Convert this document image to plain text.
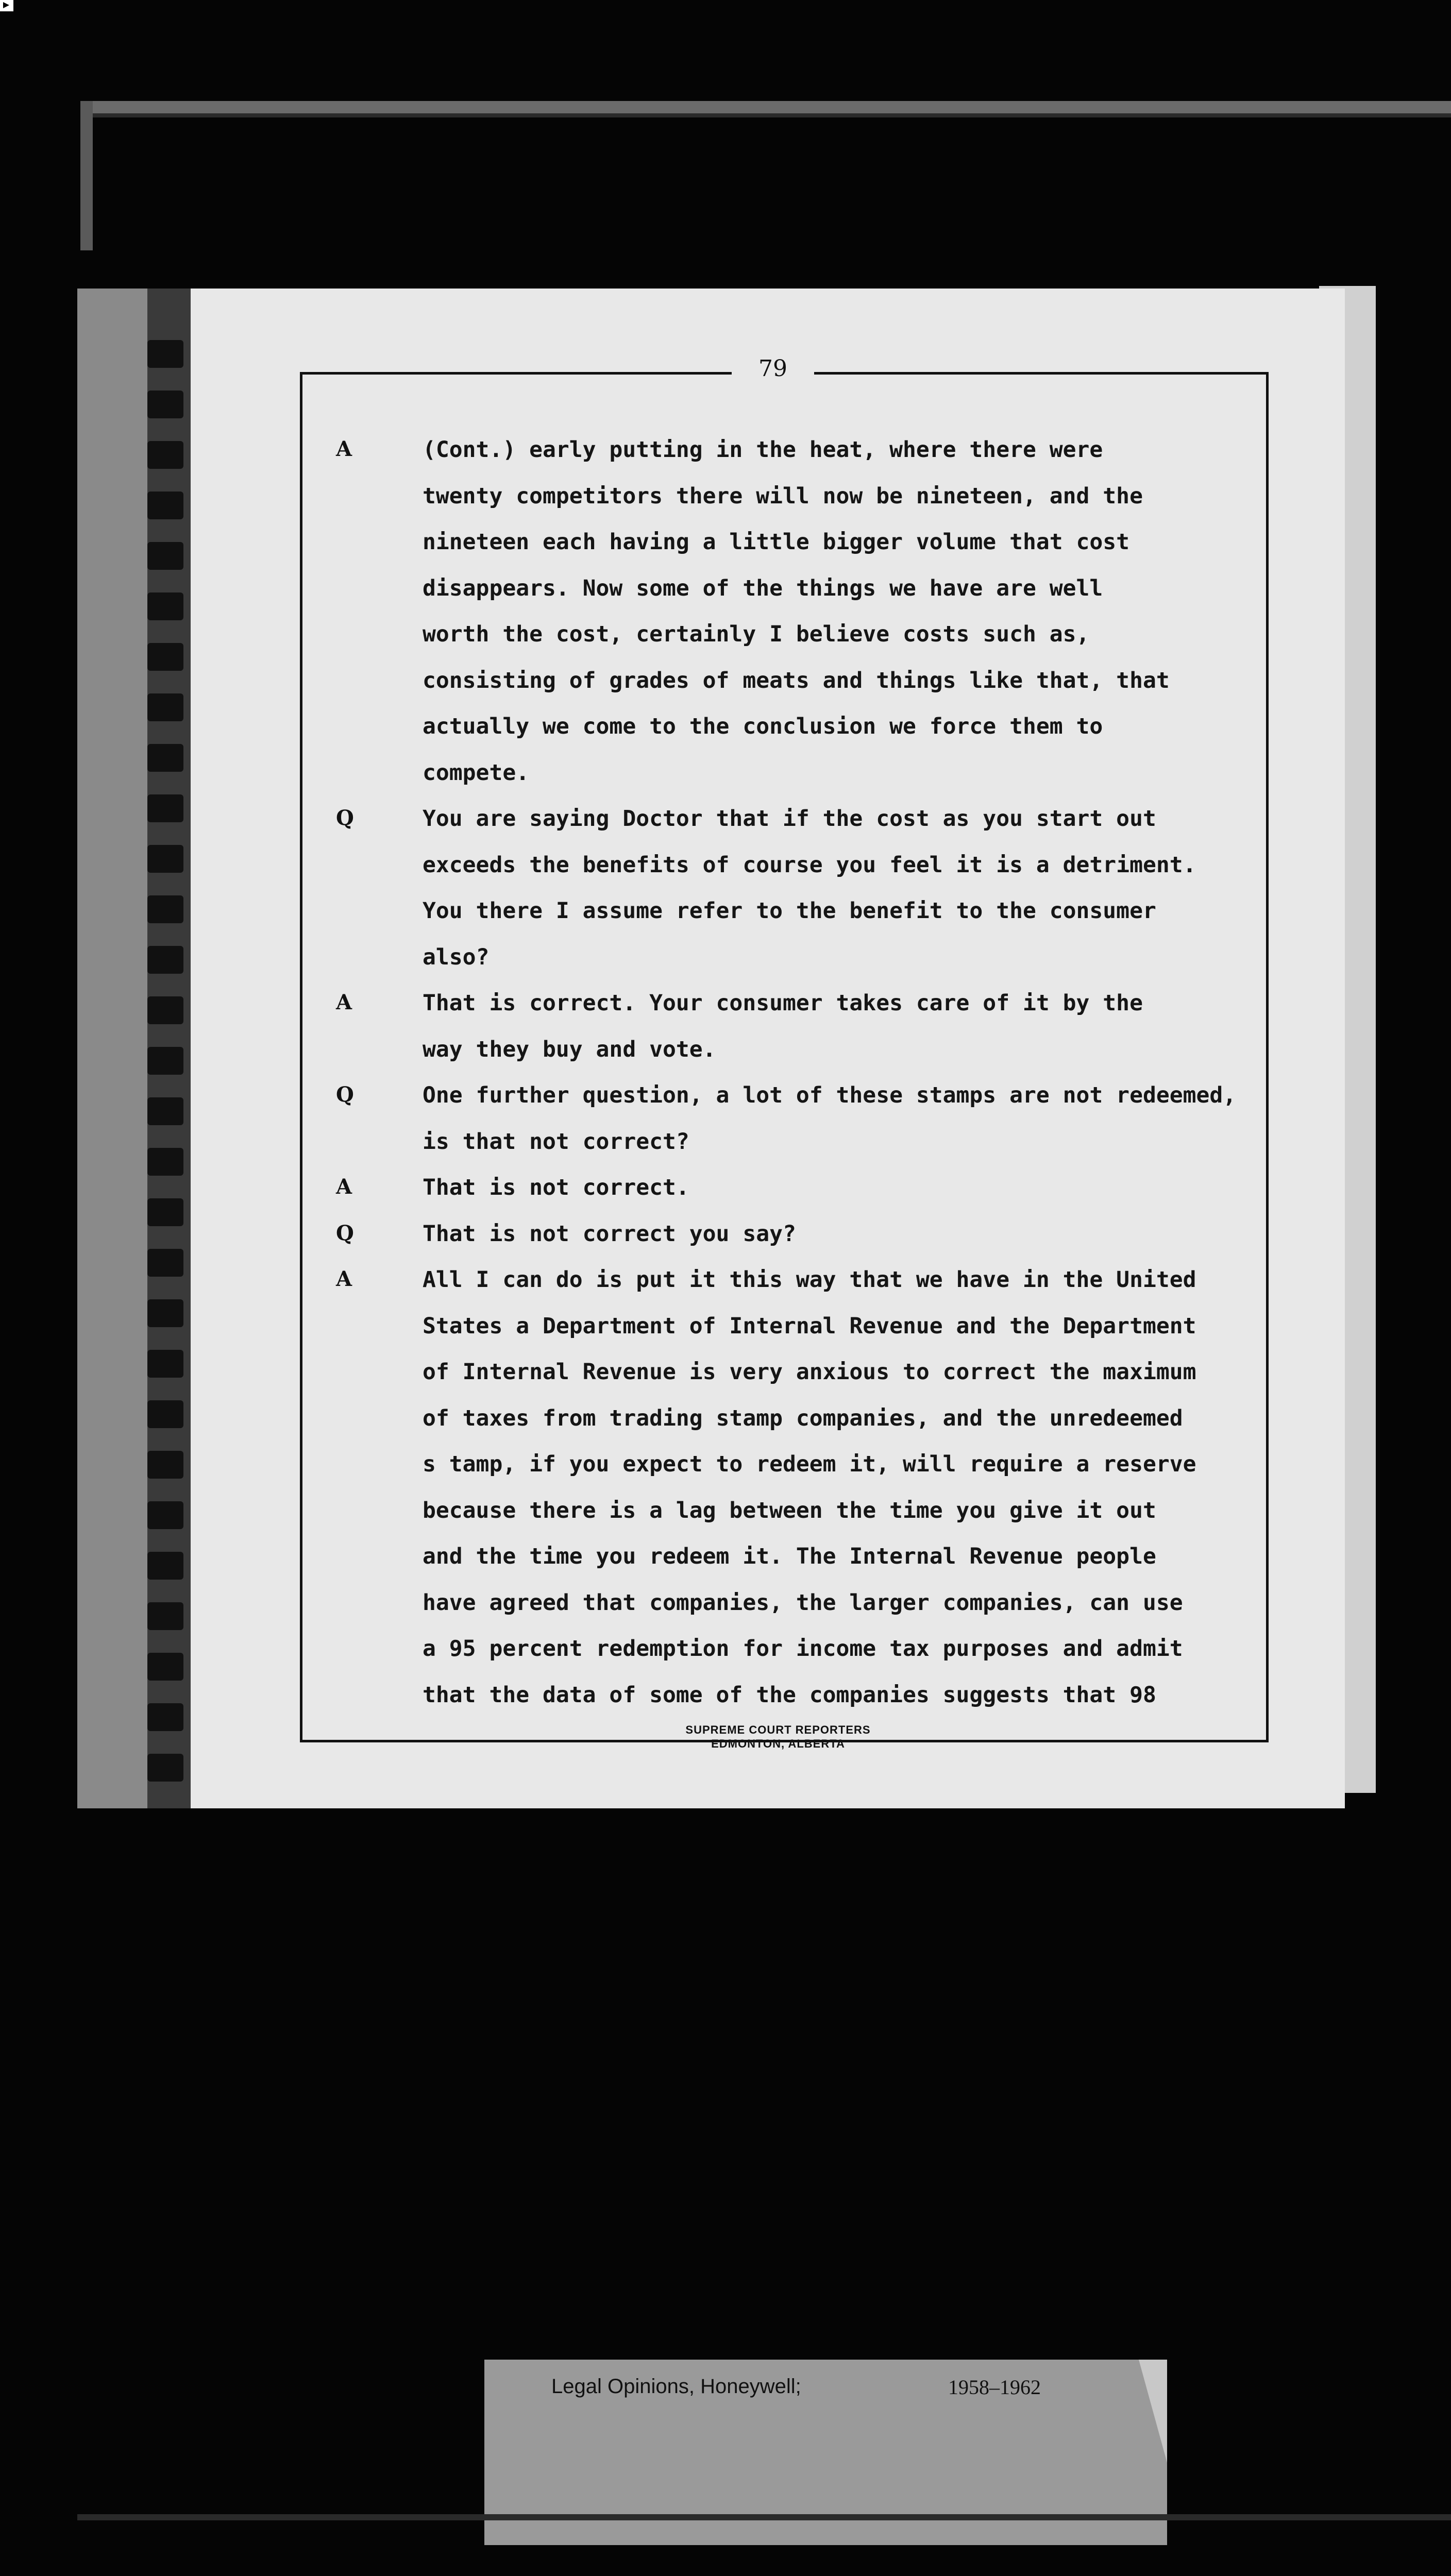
79
A	(Cont.) early putting in the heat, where there were
twenty competitors there will now be nineteen, and the
nineteen each having a little bigger volume that cost
disappears. Now some of the things we have are well
worth the cost, certainly I believe costs such as,
consisting of grades of meats and things like that, that
actually we come to the conclusion we force them to
compete.
Q	You are saying Doctor that if the cost as you start out
exceeds the benefits of course you feel it is a detriment.
You there I assume refer to the benefit to the consumer
also?
A	That is correct. Your consumer takes care of it by the
way they buy and vote.
Q	One further question, a lot of these stamps are not redeemed,
is that not correct?
A	That is not correct.
Q	That is not correct you say?
A	All I can do is put it this way that we have in the United
States a Department of Internal Revenue and the Department
of Internal Revenue is very anxious to correct the maximum
of taxes from trading stamp companies, and the unredeemed
s tamp, if you expect to redeem it, will require a reserve
because there is a lag between the time you give it out
and the time you redeem it. The Internal Revenue people
have agreed that companies, the larger companies, can use
a 95 percent redemption for income tax purposes and admit
that the data of some of the companies suggests that 98
SUPREME COURT REPORTERS
EDMONTON, ALBERTA
Legal Opinions, Honeywell;	1958–1962
